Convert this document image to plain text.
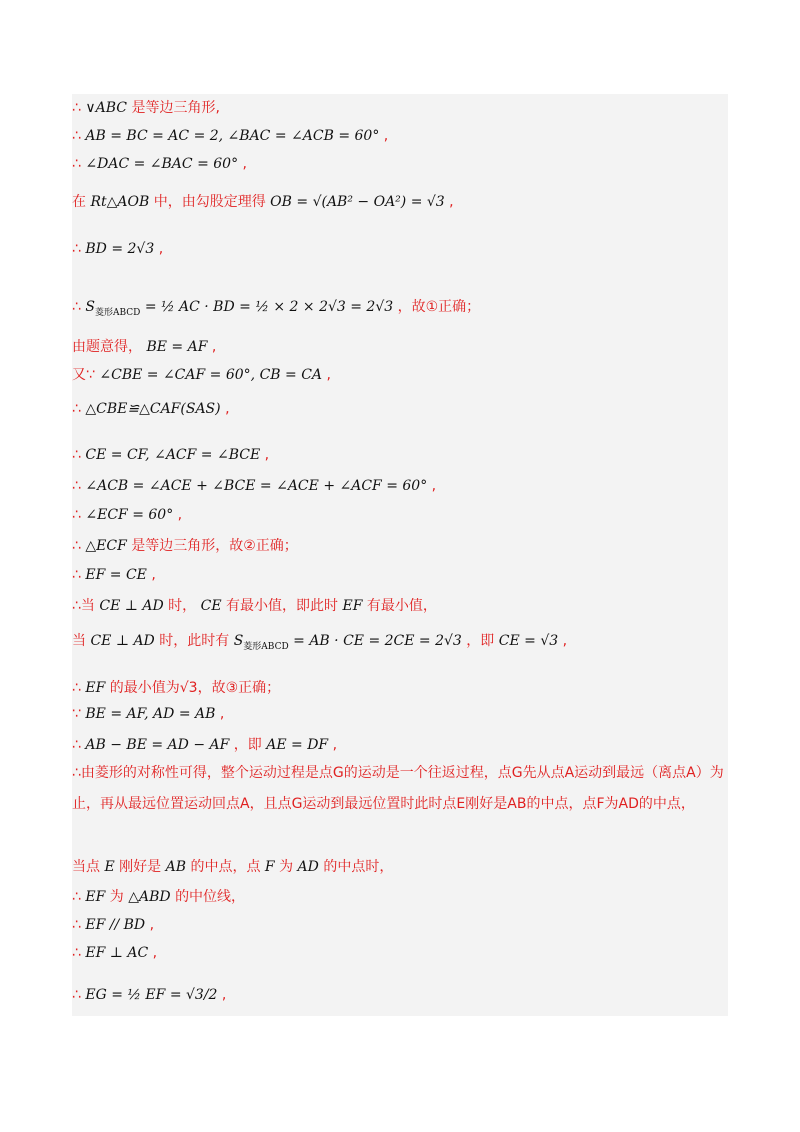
∴ ∨ABC 是等边三角形,
∴ AB = BC = AC = 2, ∠BAC = ∠ACB = 60° ,
∴ ∠DAC = ∠BAC = 60° ,
在 Rt△AOB 中，由勾股定理得 OB = √(AB² − OA²) = √3 ,
∴ BD = 2√3 ,
∴ $S_{菱形ABCD}$ = ½ AC · BD = ½ × 2 × 2√3 = 2√3 ，故①正确；
由题意得， BE = AF ,
又∵ ∠CBE = ∠CAF = 60°, CB = CA ,
∴ △CBE≌△CAF(SAS) ,
∴ CE = CF, ∠ACF = ∠BCE ,
∴ ∠ACB = ∠ACE + ∠BCE = ∠ACE + ∠ACF = 60° ,
∴ ∠ECF = 60° ,
∴ △ECF 是等边三角形，故②正确；
∴ EF = CE ,
∴当 CE ⊥ AD 时， CE 有最小值，即此时 EF 有最小值，
当 CE ⊥ AD 时，此时有 $S_{菱形ABCD}$ = AB · CE = 2CE = 2√3 ，即 CE = √3 ,
∴ EF 的最小值为√3，故③正确；
∵ BE = AF, AD = AB ,
∴ AB − BE = AD − AF ，即 AE = DF ,
∴由菱形的对称性可得，整个运动过程是点G的运动是一个往返过程，点G先从点A运动到最远（离点A）为止，再从最远位置运动回点A，且点G运动到最远位置时此时点E刚好是AB的中点，点F为AD的中点，
当点 E 刚好是 AB 的中点，点 F 为 AD 的中点时，
∴ EF 为 △ABD 的中位线，
∴ EF // BD ,
∴ EF ⊥ AC ,
∴ EG = ½ EF = √3/2 ,
